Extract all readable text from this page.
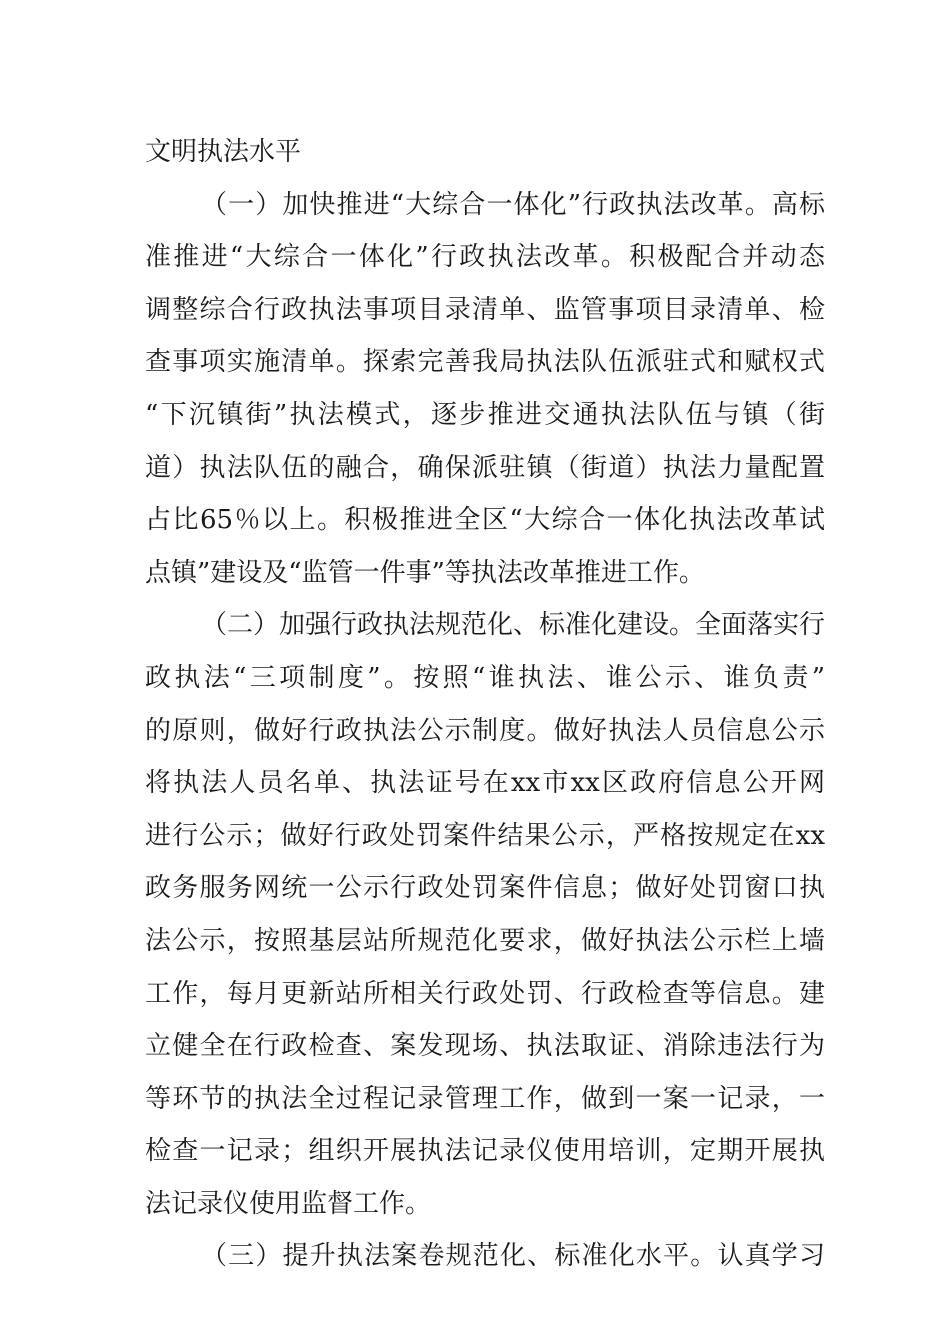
文明执法水平
（一）加快推进“大综合一体化”行政执法改革。高标
准推进“大综合一体化”行政执法改革。积极配合并动态
调整综合行政执法事项目录清单、监管事项目录清单、检
查事项实施清单。探索完善我局执法队伍派驻式和赋权式
“下沉镇街”执法模式，逐步推进交通执法队伍与镇（街
道）执法队伍的融合，确保派驻镇（街道）执法力量配置
占比65％以上。积极推进全区“大综合一体化执法改革试
点镇”建设及“监管一件事”等执法改革推进工作。
（二）加强行政执法规范化、标准化建设。全面落实行
政执法“三项制度”。按照“谁执法、谁公示、谁负责”
的原则，做好行政执法公示制度。做好执法人员信息公示
将执法人员名单、执法证号在xx市xx区政府信息公开网
进行公示；做好行政处罚案件结果公示，严格按规定在xx
政务服务网统一公示行政处罚案件信息；做好处罚窗口执
法公示，按照基层站所规范化要求，做好执法公示栏上墙
工作，每月更新站所相关行政处罚、行政检查等信息。建
立健全在行政检查、案发现场、执法取证、消除违法行为
等环节的执法全过程记录管理工作，做到一案一记录，一
检查一记录；组织开展执法记录仪使用培训，定期开展执
法记录仪使用监督工作。
（三）提升执法案卷规范化、标准化水平。认真学习
